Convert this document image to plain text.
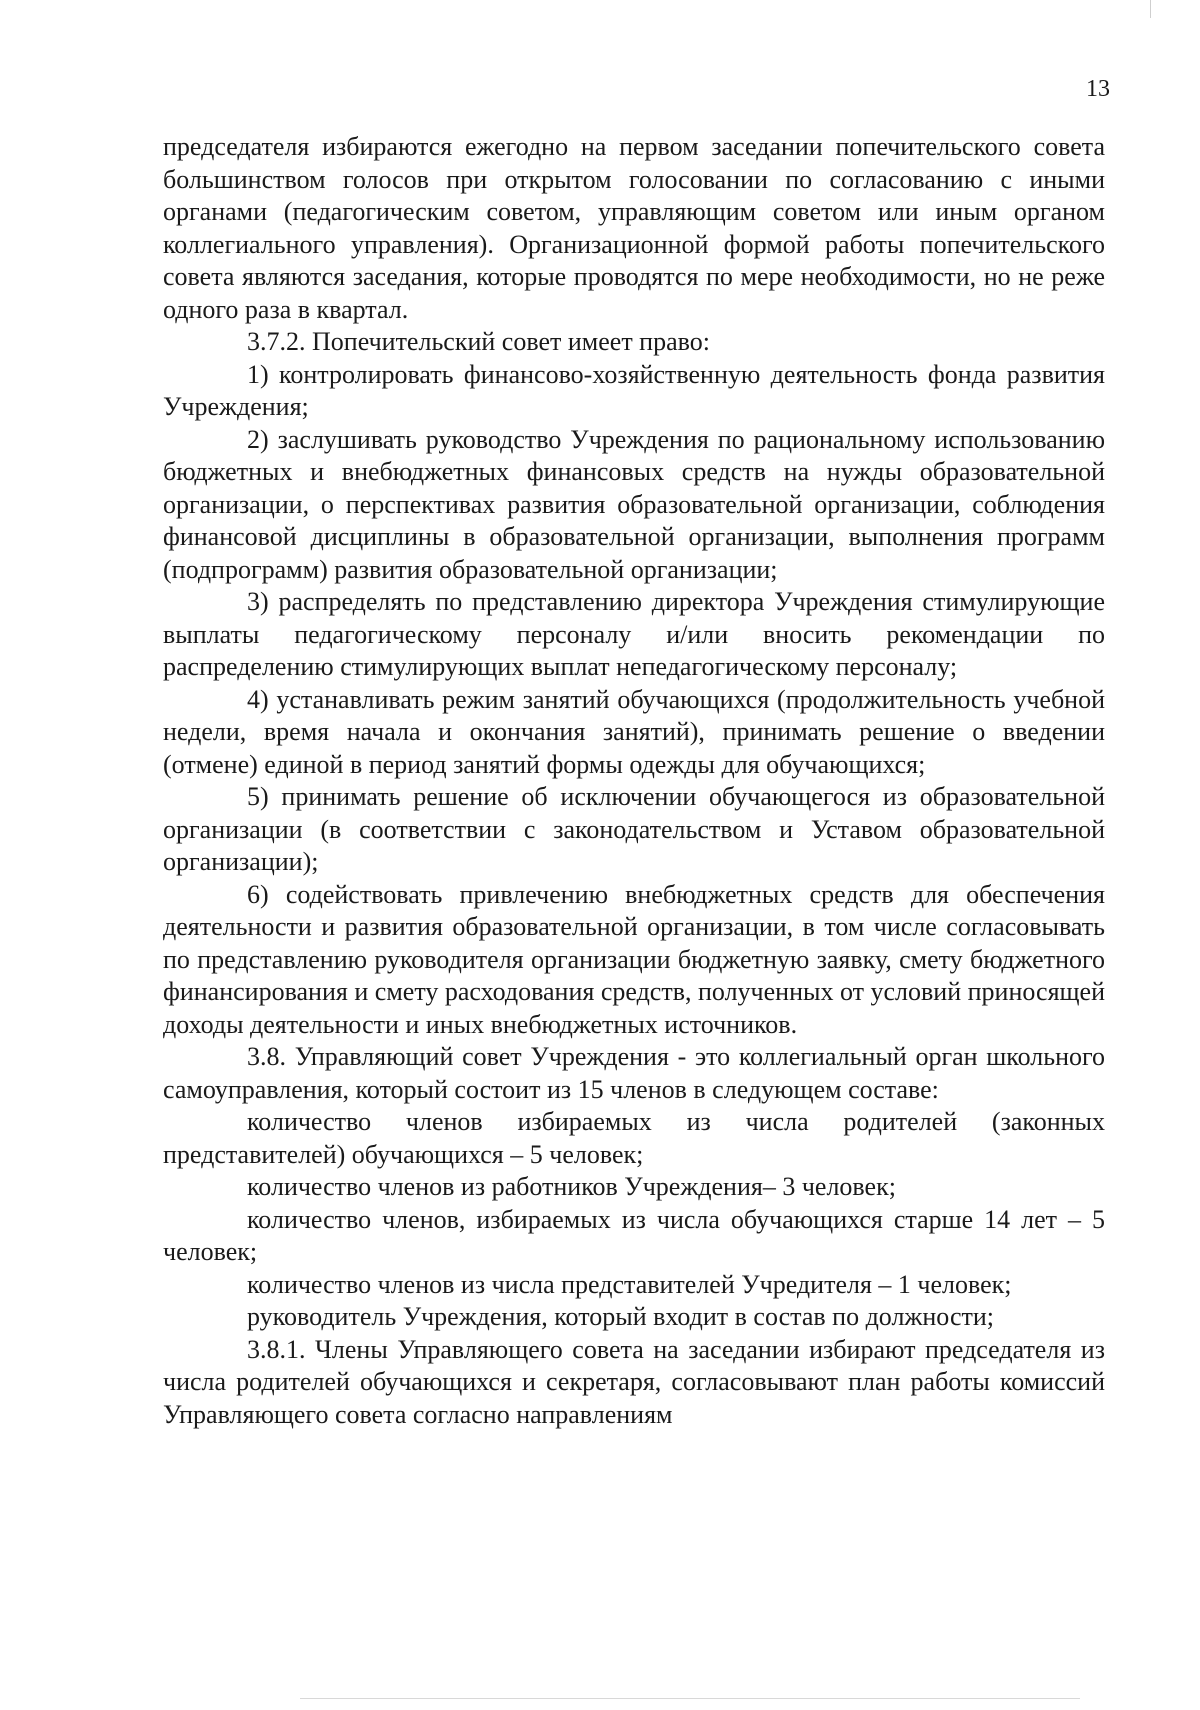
13

председателя избираются ежегодно на первом заседании попечительского совета большинством голосов при открытом голосовании по согласованию с иными органами (педагогическим советом, управляющим советом или иным органом коллегиального управления). Организационной формой работы попечительского совета являются заседания, которые проводятся по мере необходимости, но не реже одного раза в квартал.

3.7.2. Попечительский совет имеет право:

1) контролировать финансово-хозяйственную деятельность фонда развития Учреждения;

2) заслушивать руководство Учреждения по рациональному использованию бюджетных и внебюджетных финансовых средств на нужды образовательной организации, о перспективах развития образовательной организации, соблюдения финансовой дисциплины в образовательной организации, выполнения программ (подпрограмм) развития образовательной организации;

3) распределять по представлению директора Учреждения стимулирующие выплаты педагогическому персоналу и/или вносить рекомендации по распределению стимулирующих выплат непедагогическому персоналу;

4) устанавливать режим занятий обучающихся (продолжительность учебной недели, время начала и окончания занятий), принимать решение о введении (отмене) единой в период занятий формы одежды для обучающихся;

5) принимать решение об исключении обучающегося из образовательной организации (в соответствии с законодательством и Уставом образовательной организации);

6) содействовать привлечению внебюджетных средств для обеспечения деятельности и развития образовательной организации, в том числе согласовывать по представлению руководителя организации бюджетную заявку, смету бюджетного финансирования и смету расходования средств, полученных от условий приносящей доходы деятельности и иных внебюджетных источников.

3.8. Управляющий совет Учреждения - это коллегиальный орган школьного самоуправления, который состоит из 15 членов в следующем составе:

количество членов избираемых из числа родителей (законных представителей) обучающихся – 5 человек;

количество членов из работников Учреждения– 3 человек;

количество членов, избираемых из числа обучающихся старше 14 лет – 5 человек;

количество членов из числа представителей Учредителя – 1 человек;

руководитель Учреждения, который входит в состав по должности;

3.8.1. Члены Управляющего совета на заседании избирают председателя из числа родителей обучающихся и секретаря, согласовывают план работы комиссий Управляющего совета согласно направлениям
